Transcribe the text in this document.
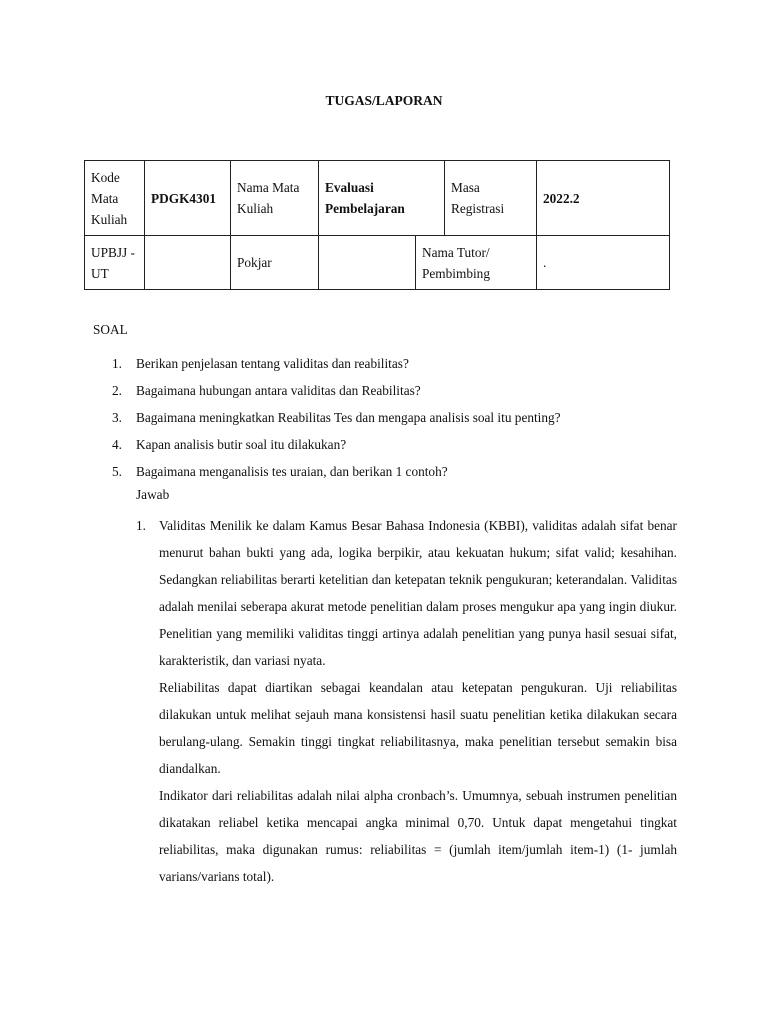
TUGAS/LAPORAN
Kode Mata Kuliah	PDGK4301	Nama Mata Kuliah	Evaluasi Pembelajaran		Masa Registrasi	2022.2
UPBJJ -UT		Pokjar		Nama Tutor/ Pembimbing		.
SOAL
1. Berikan penjelasan tentang validitas dan reabilitas?
2. Bagaimana hubungan antara validitas dan Reabilitas?
3. Bagaimana meningkatkan Reabilitas Tes dan mengapa analisis soal itu penting?
4. Kapan analisis butir soal itu dilakukan?
5. Bagaimana menganalisis tes uraian, dan berikan 1 contoh?
Jawab
1. Validitas Menilik ke dalam Kamus Besar Bahasa Indonesia (KBBI), validitas adalah sifat benar menurut bahan bukti yang ada, logika berpikir, atau kekuatan hukum; sifat valid; kesahihan. Sedangkan reliabilitas berarti ketelitian dan ketepatan teknik pengukuran; keterandalan. Validitas adalah menilai seberapa akurat metode penelitian dalam proses mengukur apa yang ingin diukur. Penelitian yang memiliki validitas tinggi artinya adalah penelitian yang punya hasil sesuai sifat, karakteristik, dan variasi nyata.

Reliabilitas dapat diartikan sebagai keandalan atau ketepatan pengukuran. Uji reliabilitas dilakukan untuk melihat sejauh mana konsistensi hasil suatu penelitian ketika dilakukan secara berulang-ulang. Semakin tinggi tingkat reliabilitasnya, maka penelitian tersebut semakin bisa diandalkan.

Indikator dari reliabilitas adalah nilai alpha cronbach’s. Umumnya, sebuah instrumen penelitian dikatakan reliabel ketika mencapai angka minimal 0,70. Untuk dapat mengetahui tingkat reliabilitas, maka digunakan rumus: reliabilitas = (jumlah item/jumlah item-1) (1- jumlah varians/varians total).
